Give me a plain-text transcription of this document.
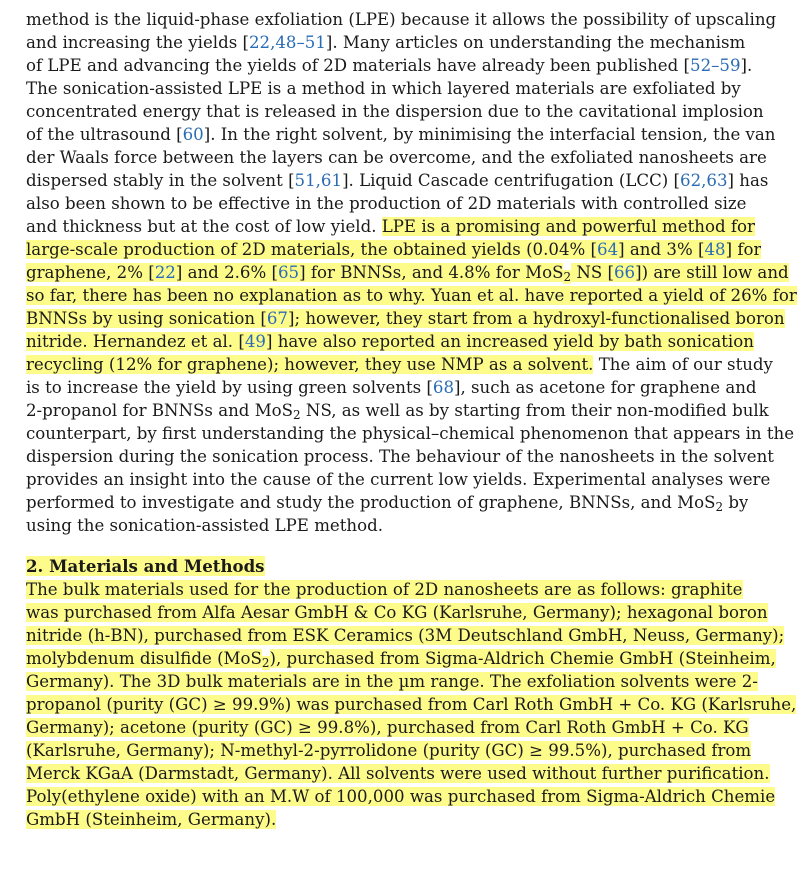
method is the liquid-phase exfoliation (LPE) because it allows the possibility of upscaling
and increasing the yields [22,48–51]. Many articles on understanding the mechanism
of LPE and advancing the yields of 2D materials have already been published [52–59].
The sonication-assisted LPE is a method in which layered materials are exfoliated by
concentrated energy that is released in the dispersion due to the cavitational implosion
of the ultrasound [60]. In the right solvent, by minimising the interfacial tension, the van
der Waals force between the layers can be overcome, and the exfoliated nanosheets are
dispersed stably in the solvent [51,61]. Liquid Cascade centrifugation (LCC) [62,63] has
also been shown to be effective in the production of 2D materials with controlled size
and thickness but at the cost of low yield. LPE is a promising and powerful method for
large-scale production of 2D materials, the obtained yields (0.04% [64] and 3% [48] for
graphene, 2% [22] and 2.6% [65] for BNNSs, and 4.8% for MoS$_2$ NS [66]) are still low and
so far, there has been no explanation as to why. Yuan et al. have reported a yield of 26% for
BNNSs by using sonication [67]; however, they start from a hydroxyl-functionalised boron
nitride. Hernandez et al. [49] have also reported an increased yield by bath sonication
recycling (12% for graphene); however, they use NMP as a solvent. The aim of our study
is to increase the yield by using green solvents [68], such as acetone for graphene and
2-propanol for BNNSs and MoS$_2$ NS, as well as by starting from their non-modified bulk
counterpart, by first understanding the physical–chemical phenomenon that appears in the
dispersion during the sonication process. The behaviour of the nanosheets in the solvent
provides an insight into the cause of the current low yields. Experimental analyses were
performed to investigate and study the production of graphene, BNNSs, and MoS$_2$ by
using the sonication-assisted LPE method.
2. Materials and Methods
The bulk materials used for the production of 2D nanosheets are as follows: graphite
was purchased from Alfa Aesar GmbH & Co KG (Karlsruhe, Germany); hexagonal boron
nitride (h-BN), purchased from ESK Ceramics (3M Deutschland GmbH, Neuss, Germany);
molybdenum disulfide (MoS$_2$), purchased from Sigma-Aldrich Chemie GmbH (Steinheim,
Germany). The 3D bulk materials are in the µm range. The exfoliation solvents were 2-
propanol (purity (GC) ≥ 99.9%) was purchased from Carl Roth GmbH + Co. KG (Karlsruhe,
Germany); acetone (purity (GC) ≥ 99.8%), purchased from Carl Roth GmbH + Co. KG
(Karlsruhe, Germany); N-methyl-2-pyrrolidone (purity (GC) ≥ 99.5%), purchased from
Merck KGaA (Darmstadt, Germany). All solvents were used without further purification.
Poly(ethylene oxide) with an M.W of 100,000 was purchased from Sigma-Aldrich Chemie
GmbH (Steinheim, Germany).
